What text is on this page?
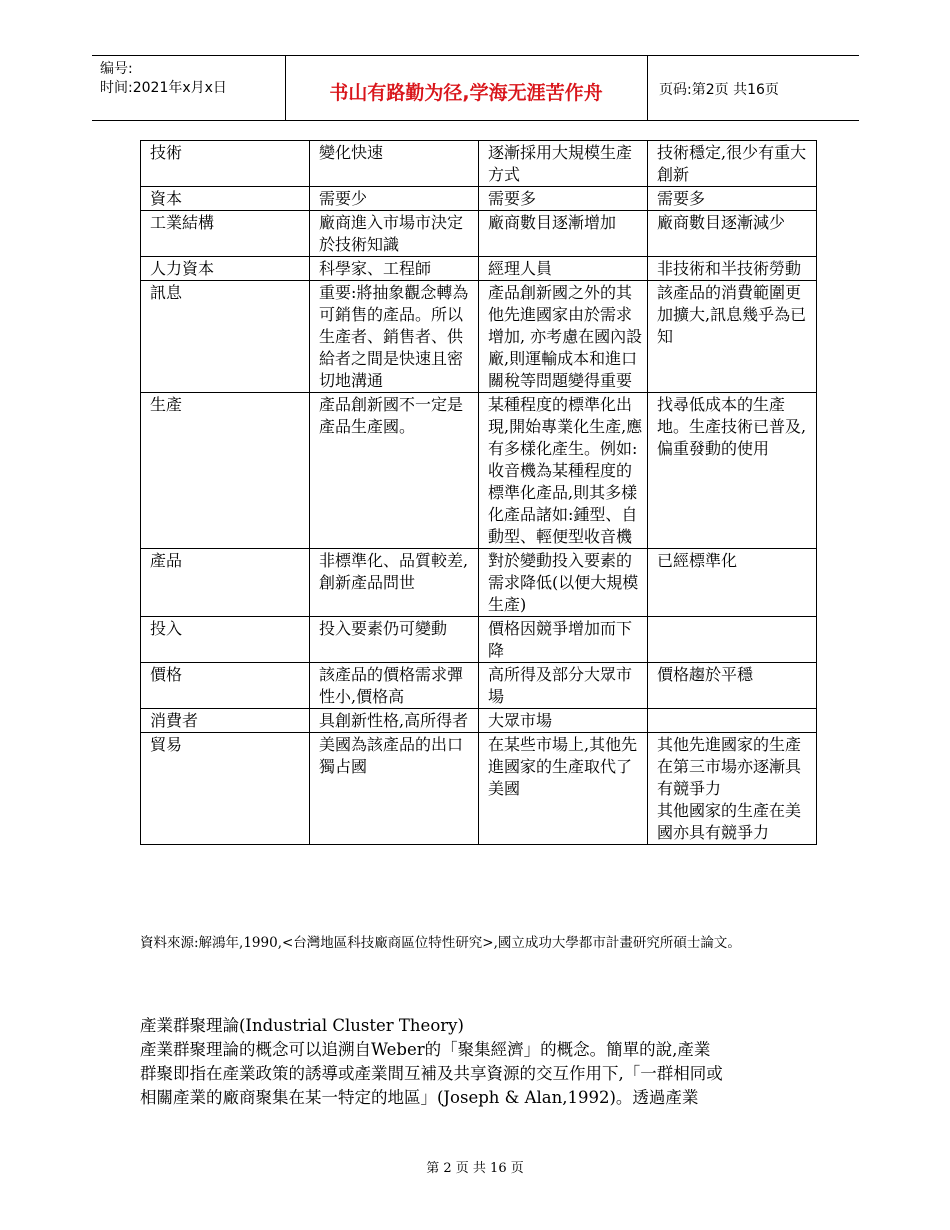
编号:
时间:2021年x月x日	书山有路勤为径,学海无涯苦作舟	页码:第2页 共16页
技術	變化快速	逐漸採用大規模生產方式	技術穩定,很少有重大創新
資本	需要少	需要多	需要多
工業結構	廠商進入市場市決定於技術知識	廠商數目逐漸增加	廠商數目逐漸減少
人力資本	科學家、工程師	經理人員	非技術和半技術勞動
訊息	重要:將抽象觀念轉為可銷售的產品。所以生產者、銷售者、供給者之間是快速且密切地溝通	產品創新國之外的其他先進國家由於需求增加, 亦考慮在國內設廠,則運輸成本和進口關稅等問題變得重要	該產品的消費範圍更加擴大,訊息幾乎為已知
生產	產品創新國不一定是產品生產國。	某種程度的標準化出現,開始專業化生產,應有多樣化產生。例如:收音機為某種程度的標準化產品,則其多樣化產品諸如:鍾型、自動型、輕便型收音機	找尋低成本的生產地。生產技術已普及,偏重發動的使用
產品	非標準化、品質較差,創新產品問世	對於變動投入要素的需求降低(以便大規模生產)	已經標準化
投入	投入要素仍可變動	價格因競爭增加而下降	
價格	該產品的價格需求彈性小,價格高	高所得及部分大眾市場	價格趨於平穩
消費者	具創新性格,高所得者	大眾市場	
貿易	美國為該產品的出口獨占國	在某些市場上,其他先進國家的生產取代了美國	其他先進國家的生產在第三市場亦逐漸具有競爭力
其他國家的生產在美國亦具有競爭力
資料來源:解鴻年,1990,<台灣地區科技廠商區位特性研究>,國立成功大學都市計畫研究所碩士論文。
產業群聚理論(Industrial Cluster Theory)
產業群聚理論的概念可以追溯自Weber的「聚集經濟」的概念。簡單的說,產業
群聚即指在產業政策的誘導或產業間互補及共享資源的交互作用下,「一群相同或
相關產業的廠商聚集在某一特定的地區」(Joseph & Alan,1992)。透過產業
第 2 页 共 16 页
